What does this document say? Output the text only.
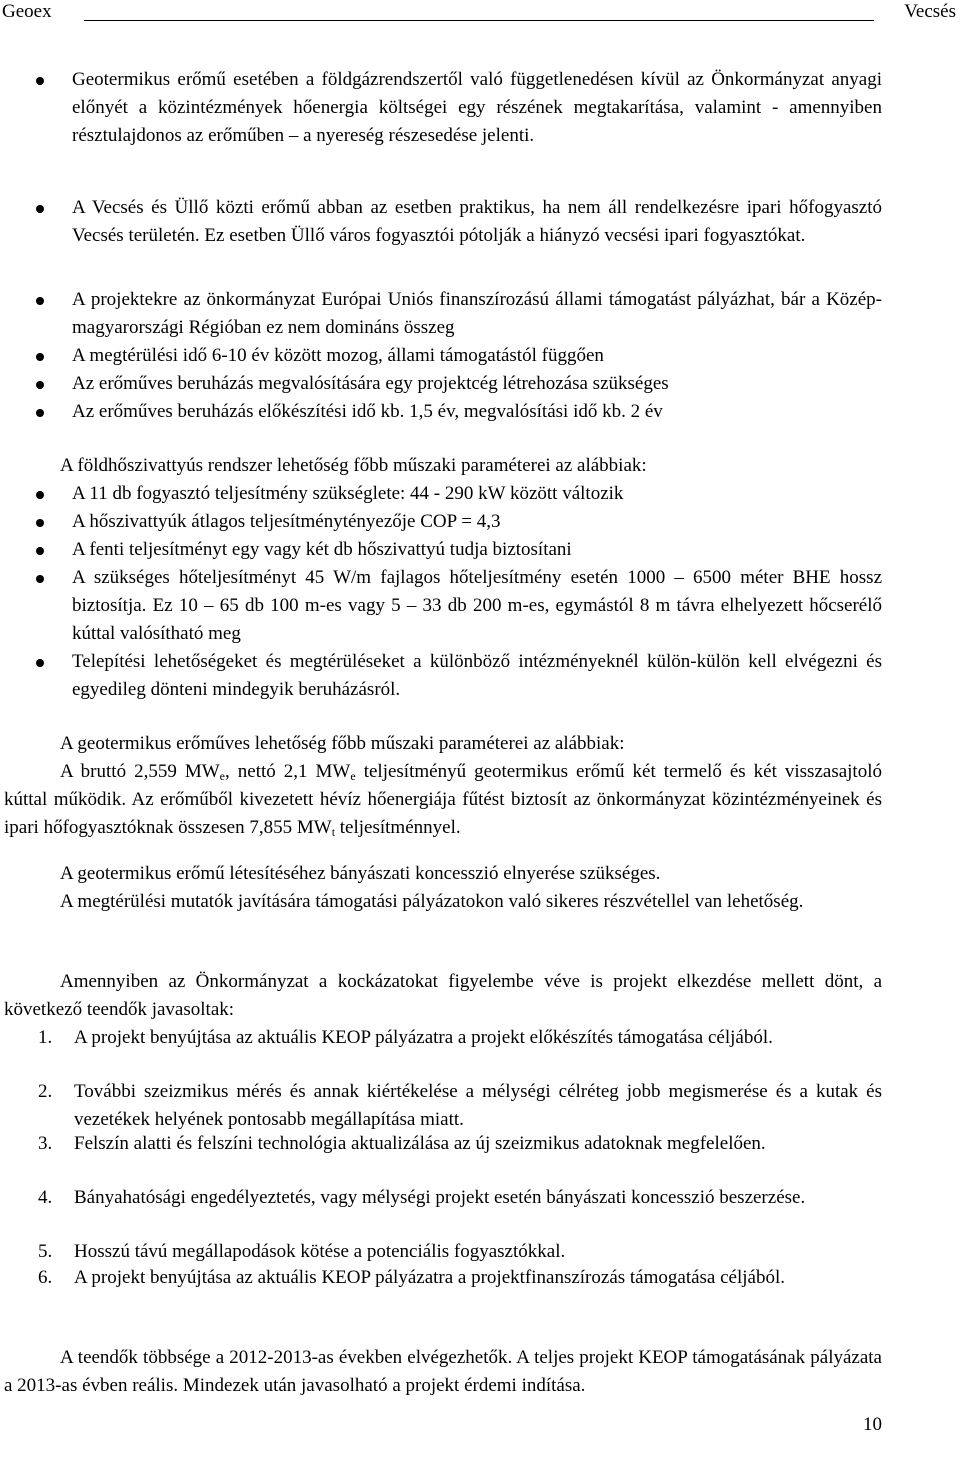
Geoex	Vecsés
Geotermikus erőmű esetében a földgázrendszertől való függetlenedésen kívül az Önkormányzat anyagi előnyét a közintézmények hőenergia költségei egy részének megtakarítása, valamint - amennyiben résztulajdonos az erőműben – a nyereség részesedése jelenti.
A Vecsés és Üllő közti erőmű abban az esetben praktikus, ha nem áll rendelkezésre ipari hőfogyasztó Vecsés területén. Ez esetben Üllő város fogyasztói pótolják a hiányzó vecsési ipari fogyasztókat.
A projektekre az önkormányzat Európai Uniós finanszírozású állami támogatást pályázhat, bár a Közép-magyarországi Régióban ez nem domináns összeg
A megtérülési idő 6-10 év között mozog, állami támogatástól függően
Az erőműves beruházás megvalósítására egy projektcég létrehozása szükséges
Az erőműves beruházás előkészítési idő kb. 1,5 év, megvalósítási idő kb. 2 év
A földhőszivattyús rendszer lehetőség főbb műszaki paraméterei az alábbiak:
A 11 db fogyasztó teljesítmény szükséglete: 44 - 290 kW között változik
A hőszivattyúk átlagos teljesítménytényezője COP = 4,3
A fenti teljesítményt egy vagy két db hőszivattyú tudja biztosítani
A szükséges hőteljesítményt 45 W/m fajlagos hőteljesítmény esetén 1000 – 6500 méter BHE hossz biztosítja. Ez 10 – 65 db 100 m-es vagy 5 – 33 db 200 m-es, egymástól 8 m távra elhelyezett hőcserélő kúttal valósítható meg
Telepítési lehetőségeket és megtérüléseket a különböző intézményeknél külön-külön kell elvégezni és egyedileg dönteni mindegyik beruházásról.
A geotermikus erőműves lehetőség főbb műszaki paraméterei az alábbiak:
A bruttó 2,559 $MW_e$, nettó 2,1 $MW_e$ teljesítményű geotermikus erőmű két termelő és két visszasajtoló kúttal működik. Az erőműből kivezetett hévíz hőenergiája fűtést biztosít az önkormányzat közintézményeinek és ipari hőfogyasztóknak összesen 7,855 $MW_t$ teljesítménnyel.
A geotermikus erőmű létesítéséhez bányászati koncesszió elnyerése szükséges.
A megtérülési mutatók javítására támogatási pályázatokon való sikeres részvétellel van lehetőség.
Amennyiben az Önkormányzat a kockázatokat figyelembe véve is projekt elkezdése mellett dönt, a következő teendők javasoltak:
1. A projekt benyújtása az aktuális KEOP pályázatra a projekt előkészítés támogatása céljából.
2. További szeizmikus mérés és annak kiértékelése a mélységi célréteg jobb megismerése és a kutak és vezetékek helyének pontosabb megállapítása miatt.
3. Felszín alatti és felszíni technológia aktualizálása az új szeizmikus adatoknak megfelelően.
4. Bányahatósági engedélyeztetés, vagy mélységi projekt esetén bányászati koncesszió beszerzése.
5. Hosszú távú megállapodások kötése a potenciális fogyasztókkal.
6. A projekt benyújtása az aktuális KEOP pályázatra a projektfinanszírozás támogatása céljából.
A teendők többsége a 2012-2013-as években elvégezhetők. A teljes projekt KEOP támogatásának pályázata a 2013-as évben reális. Mindezek után javasolható a projekt érdemi indítása.
10
